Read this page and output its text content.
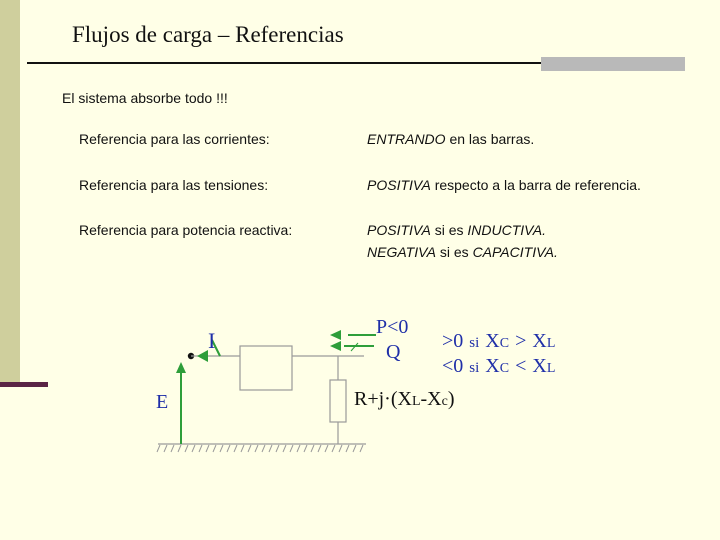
Flujos de carga – Referencias
El sistema absorbe todo !!!
Referencia para las corrientes:	ENTRANDO en las barras.
Referencia para las tensiones:	POSITIVA respecto a la barra de referencia.
Referencia para potencia reactiva:	POSITIVA si es INDUCTIVA.
NEGATIVA si es CAPACITIVA.
E
I
P<0
Q >0 si XC > XL
<0 si XC < XL
R+j·(XL-Xc)
